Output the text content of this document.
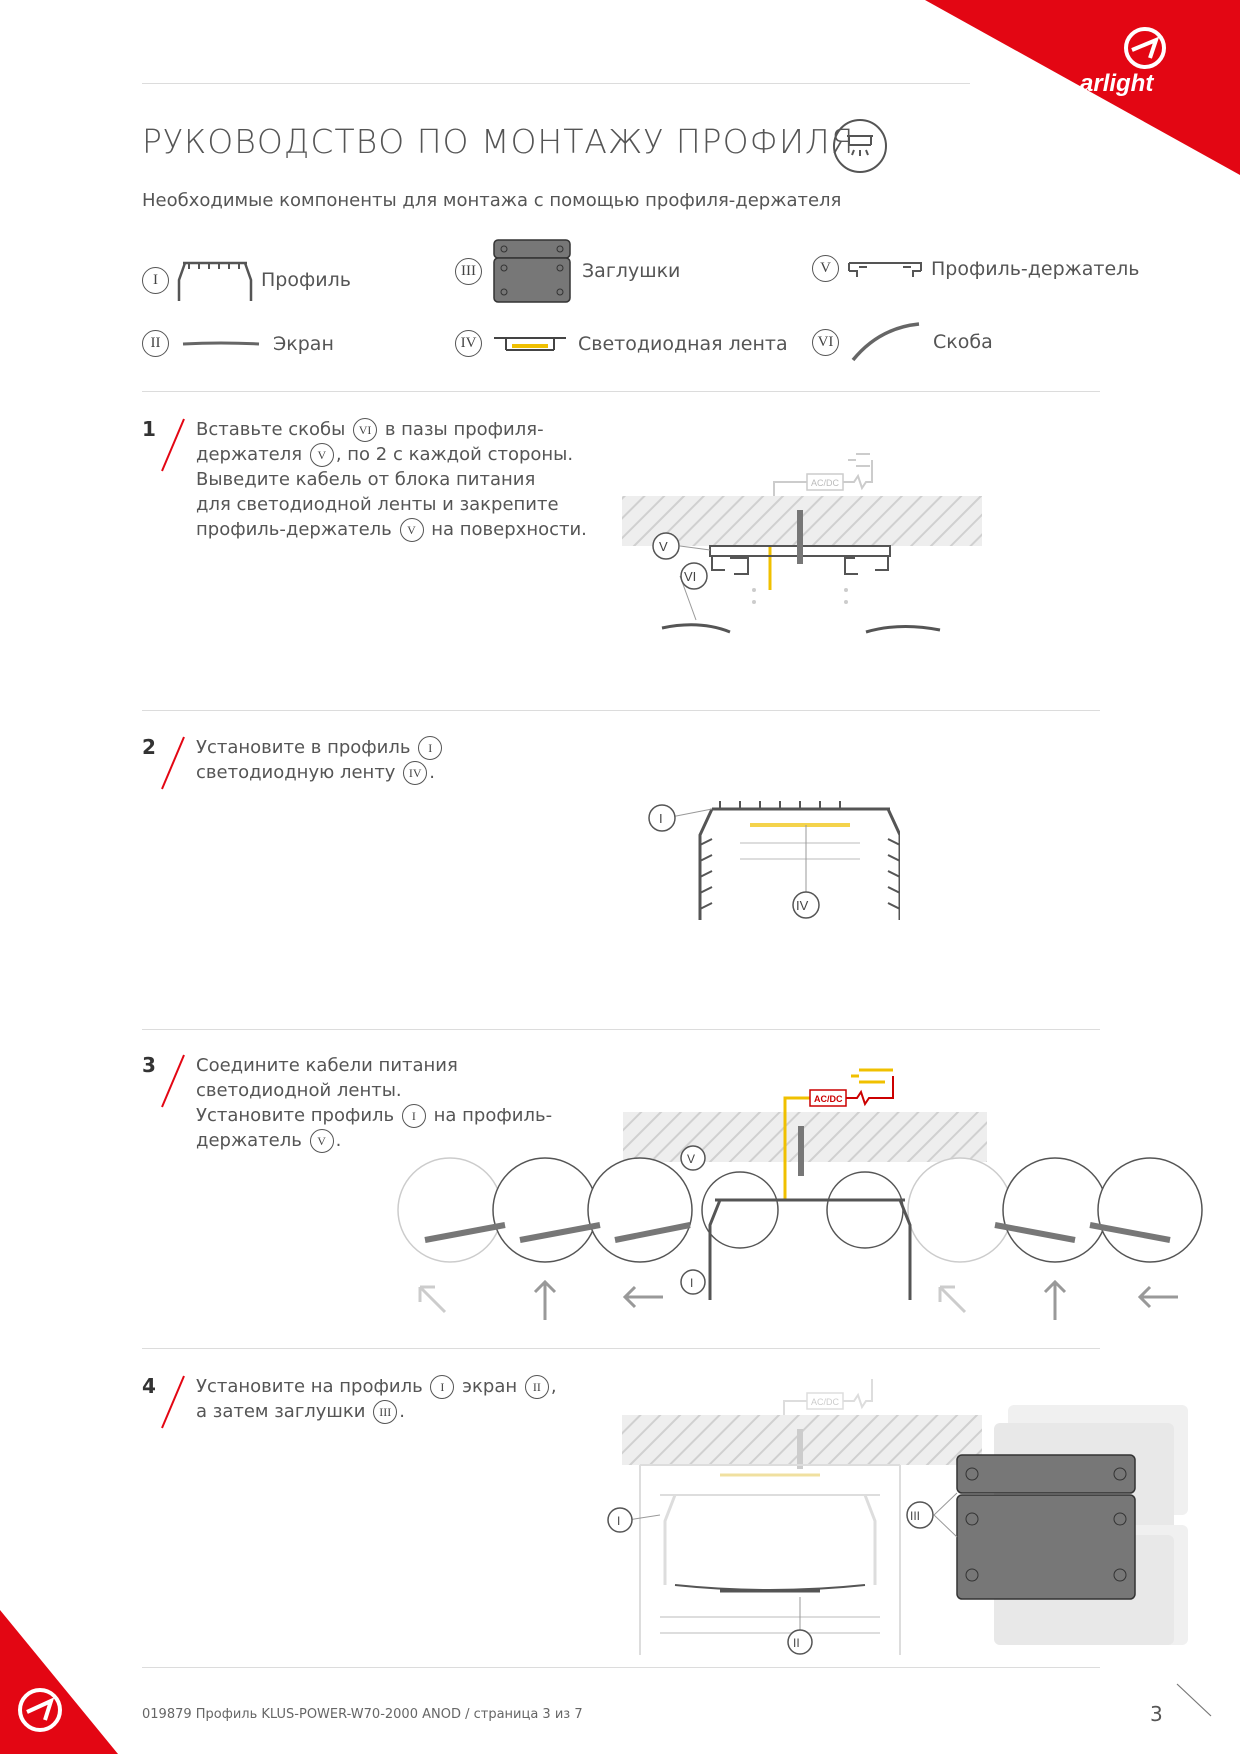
arlight
РУКОВОДСТВО ПО МОНТАЖУ ПРОФИЛЯ
Необходимые компоненты для монтажа с помощью профиля-держателя
I	Профиль
II	Экран
III	Заглушки
IV	Светодиодная лента
V	Профиль-держатель
VI	Скоба
1 Вставьте скобы VI в пазы профиля-
держателя V , по 2 с каждой стороны.
Выведите кабель от блока питания
для светодиодной ленты и закрепите
профиль-держатель V на поверхности.
AC/DC
V
VI
2 Установите в профиль I
светодиодную ленту IV .
I
IV
3 Соедините кабели питания
светодиодной ленты.
Установите профиль I на профиль-
держатель V .
AC/DC
V
I
4 Установите на профиль I экран II ,
а затем заглушки III .	AC/DC
III
I
II
019879 Профиль KLUS-POWER-W70-2000 ANOD / страница 3 из 7	3
